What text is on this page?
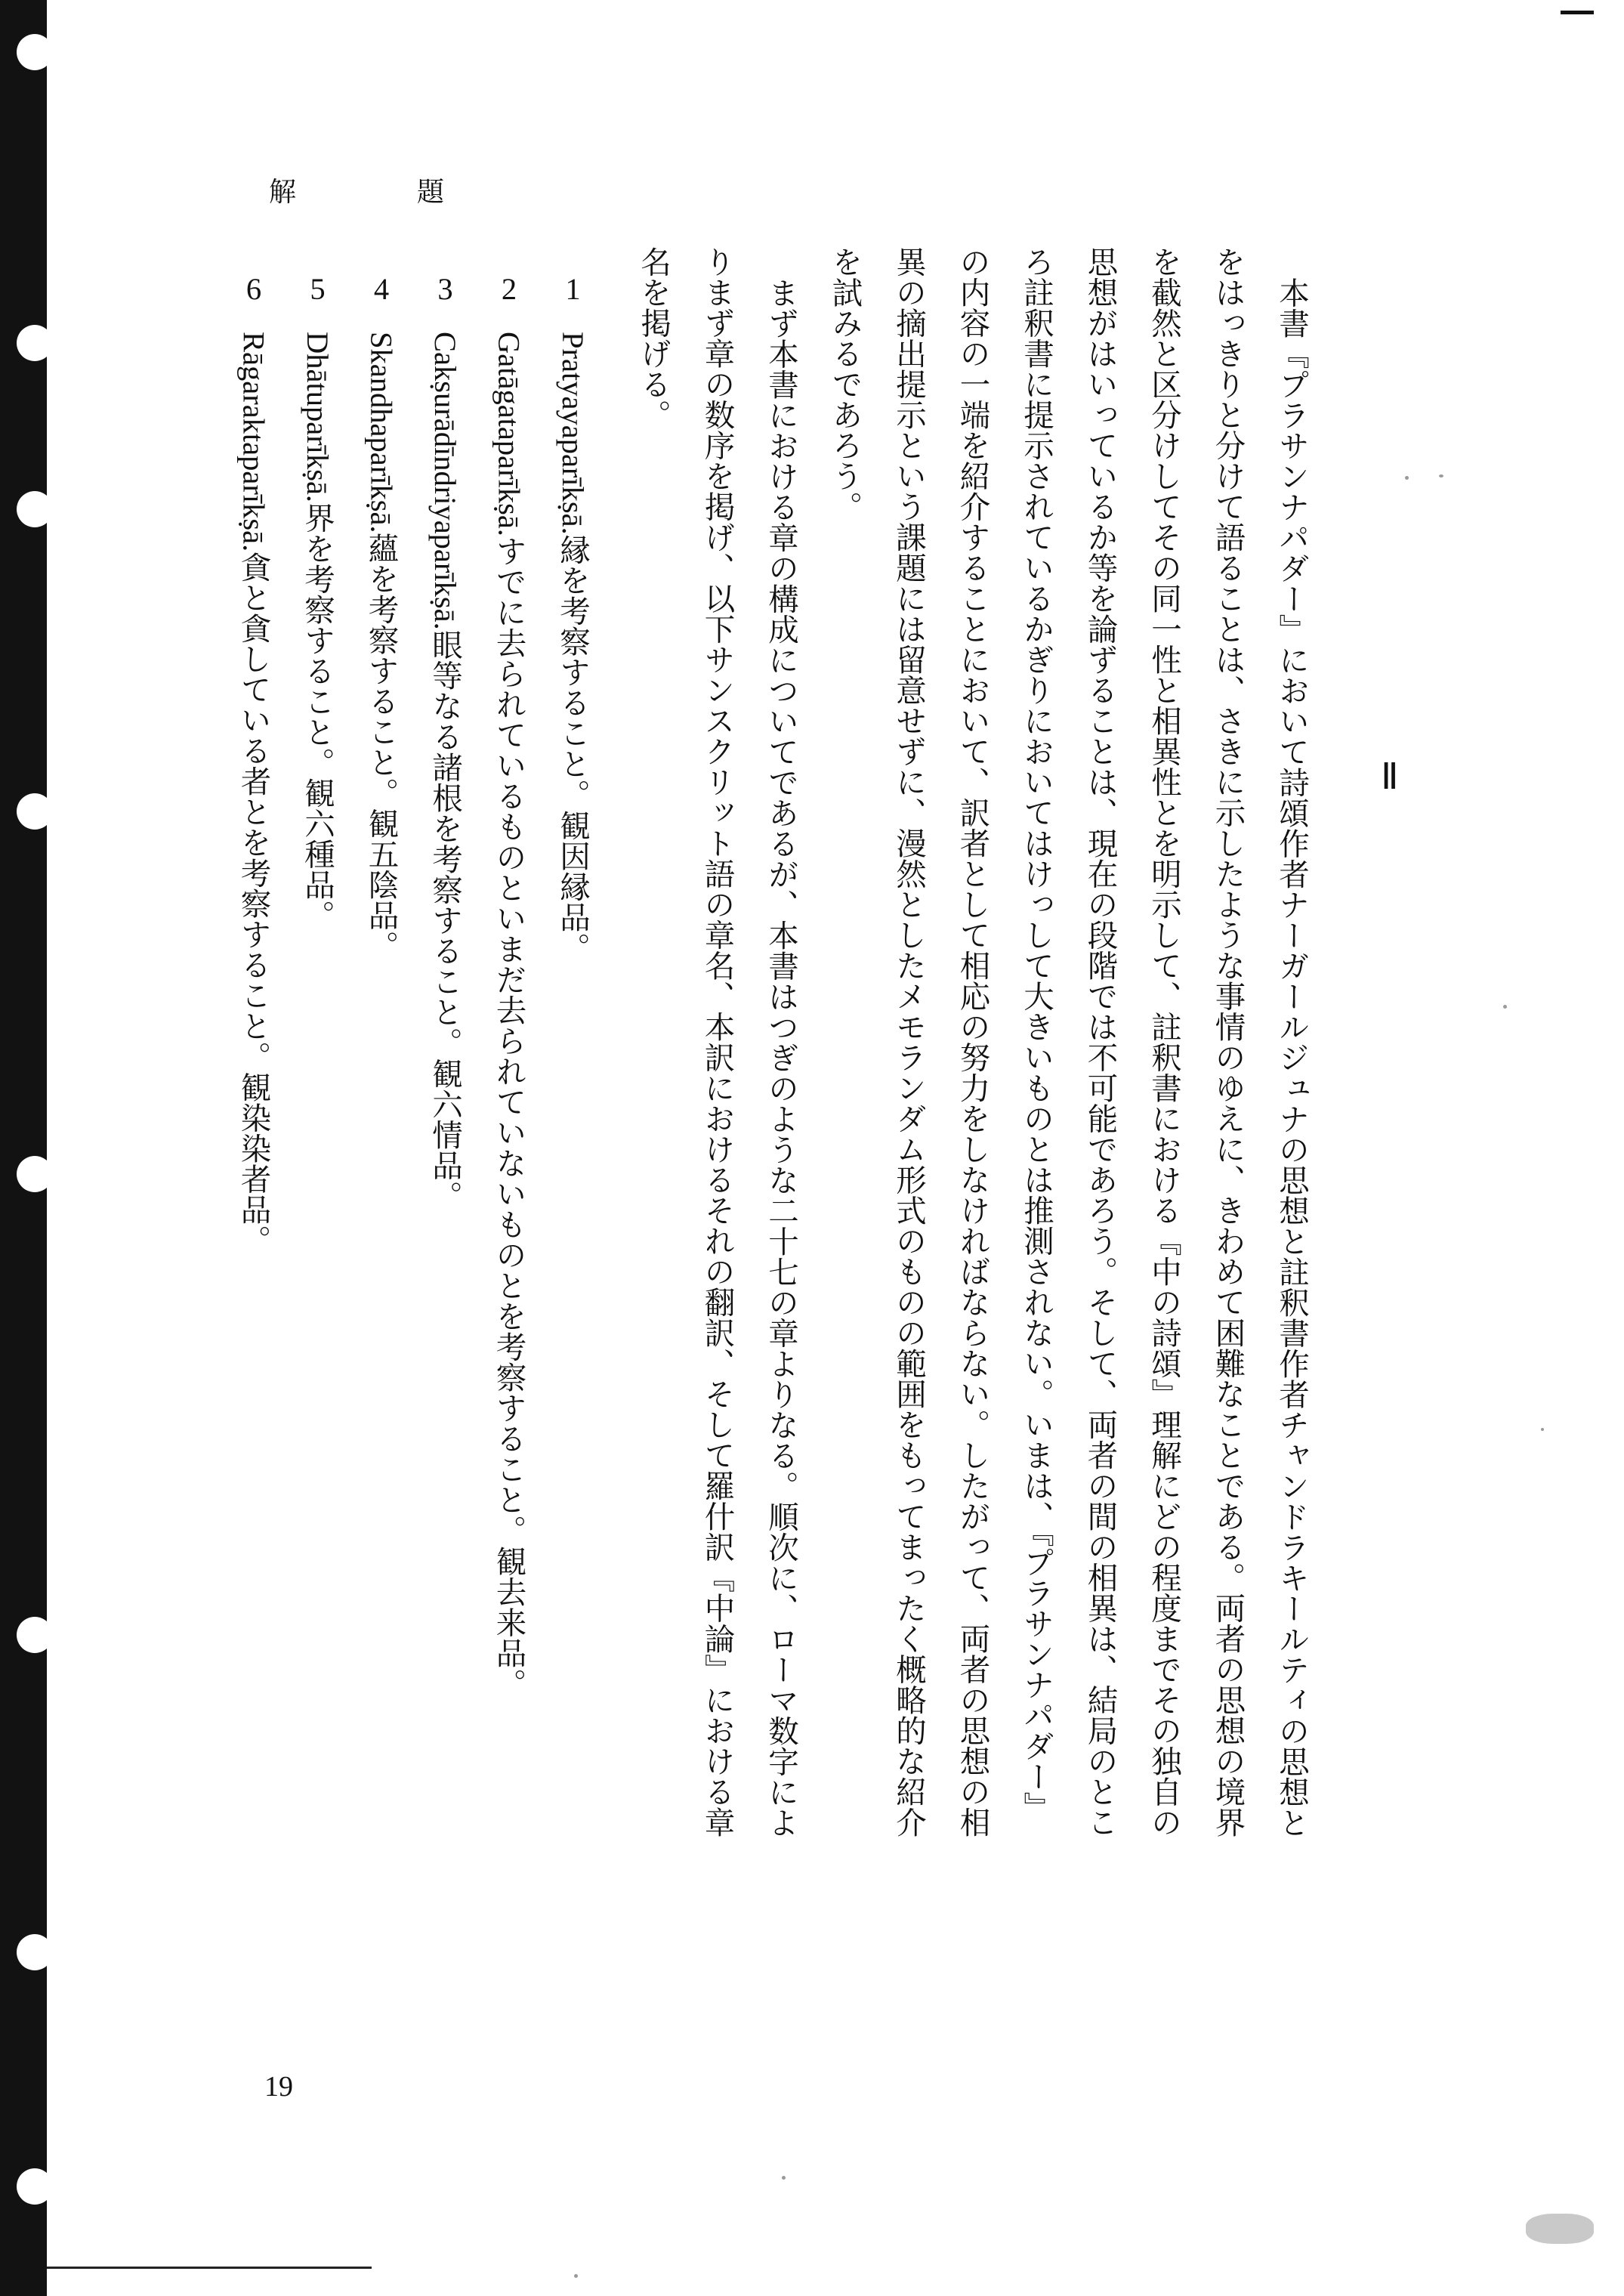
解　題
Ⅱ

本書『プラサンナパダー』において詩頌作者ナーガールジュナの思想と註釈書作者チャンドラキールティの思想と
をはっきりと分けて語ることは、さきに示したような事情のゆえに、きわめて困難なことである。両者の思想の境界
を截然と区分けしてその同一性と相異性とを明示して、註釈書における『中の詩頌』理解にどの程度までその独自の
思想がはいっているか等を論ずることは、現在の段階では不可能であろう。そして、両者の間の相異は、結局のとこ
ろ註釈書に提示されているかぎりにおいてはけっして大きいものとは推測されない。いまは、『プラサンナパダー』
の内容の一端を紹介することにおいて、訳者として相応の努力をしなければならない。したがって、両者の思想の相
異の摘出提示という課題には留意せずに、漫然としたメモランダム形式のものの範囲をもってまったく概略的な紹介
を試みるであろう。

まず本書における章の構成についてであるが、本書はつぎのような二十七の章よりなる。順次に、ローマ数字によ
りまず章の数序を掲げ、以下サンスクリット語の章名、本訳におけるそれの翻訳、そして羅什訳『中論』における章
名を掲げる。

1Pratyayaparīkṣā.縁を考察すること。観因縁品。
2Gatāgataparīkṣā.すでに去られているものといまだ去られていないものとを考察すること。観去来品。
3Cakṣurādīndriyaparīkṣā.眼等なる諸根を考察すること。観六情品。
4Skandhaparīkṣā.蘊を考察すること。観五陰品。
5Dhātuparīkṣā.界を考察すること。観六種品。
6Rāgaraktaparīkṣā.貪と貪している者とを考察すること。観染染者品。
19
